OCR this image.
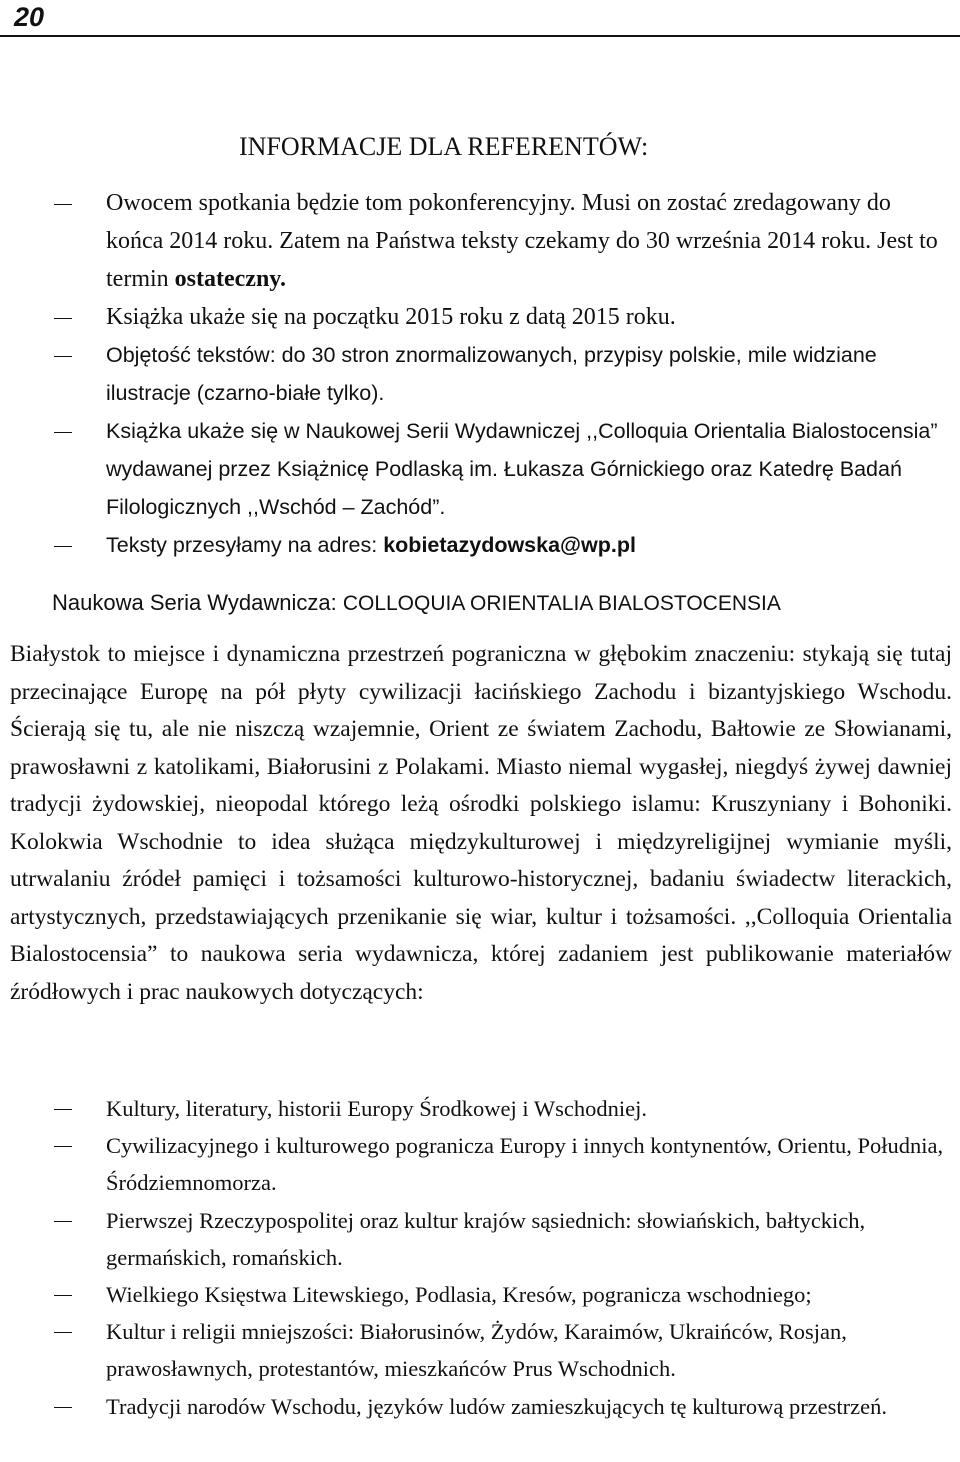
20
INFORMACJE DLA REFERENTÓW:
Owocem spotkania będzie tom pokonferencyjny. Musi on zostać zredagowany do końca 2014 roku. Zatem na Państwa teksty czekamy do 30 września 2014 roku. Jest to termin ostateczny.
Książka ukaże się na początku 2015 roku z datą 2015 roku.
Objętość tekstów: do 30 stron znormalizowanych, przypisy polskie, mile widziane ilustracje (czarno-białe tylko).
Książka ukaże się w Naukowej Serii Wydawniczej ,,Colloquia Orientalia Bialostocensia” wydawanej przez Książnicę Podlaską im. Łukasza Górnickiego oraz Katedrę Badań Filologicznych ,,Wschód – Zachód”.
Teksty przesyłamy na adres: kobietazydowska@wp.pl

Naukowa Seria Wydawnicza: COLLOQUIA ORIENTALIA BIALOSTOCENSIA

Białystok to miejsce i dynamiczna przestrzeń pograniczna w głębokim znaczeniu: stykają się tutaj przecinające Europę na pół płyty cywilizacji łacińskiego Zachodu i bizantyjskiego Wschodu. Ścierają się tu, ale nie niszczą wzajemnie, Orient ze światem Zachodu, Bałtowie ze Słowianami, prawosławni z katolikami, Białorusini z Polakami. Miasto niemal wygasłej, niegdyś żywej dawniej tradycji żydowskiej, nieopodal którego leżą ośrodki polskiego islamu: Kruszyniany i Bohoniki. Kolokwia Wschodnie to idea służąca międzykulturowej i międzyreligijnej wymianie myśli, utrwalaniu źródeł pamięci i tożsamości kulturowo-historycznej, badaniu świadectw literackich, artystycznych, przedstawiających przenikanie się wiar, kultur i tożsamości. ,,Colloquia Orientalia Bialostocensia” to naukowa seria wydawnicza, której zadaniem jest publikowanie materiałów źródłowych i prac naukowych dotyczących:

Kultury, literatury, historii Europy Środkowej i Wschodniej.
Cywilizacyjnego i kulturowego pogranicza Europy i innych kontynentów, Orientu, Południa, Śródziemnomorza.
Pierwszej Rzeczypospolitej oraz kultur krajów sąsiednich: słowiańskich, bałtyckich, germańskich, romańskich.
Wielkiego Księstwa Litewskiego, Podlasia, Kresów, pogranicza wschodniego;
Kultur i religii mniejszości: Białorusinów, Żydów, Karaimów, Ukraińców, Rosjan, prawosławnych, protestantów, mieszkańców Prus Wschodnich.
Tradycji narodów Wschodu, języków ludów zamieszkujących tę kulturową przestrzeń.
